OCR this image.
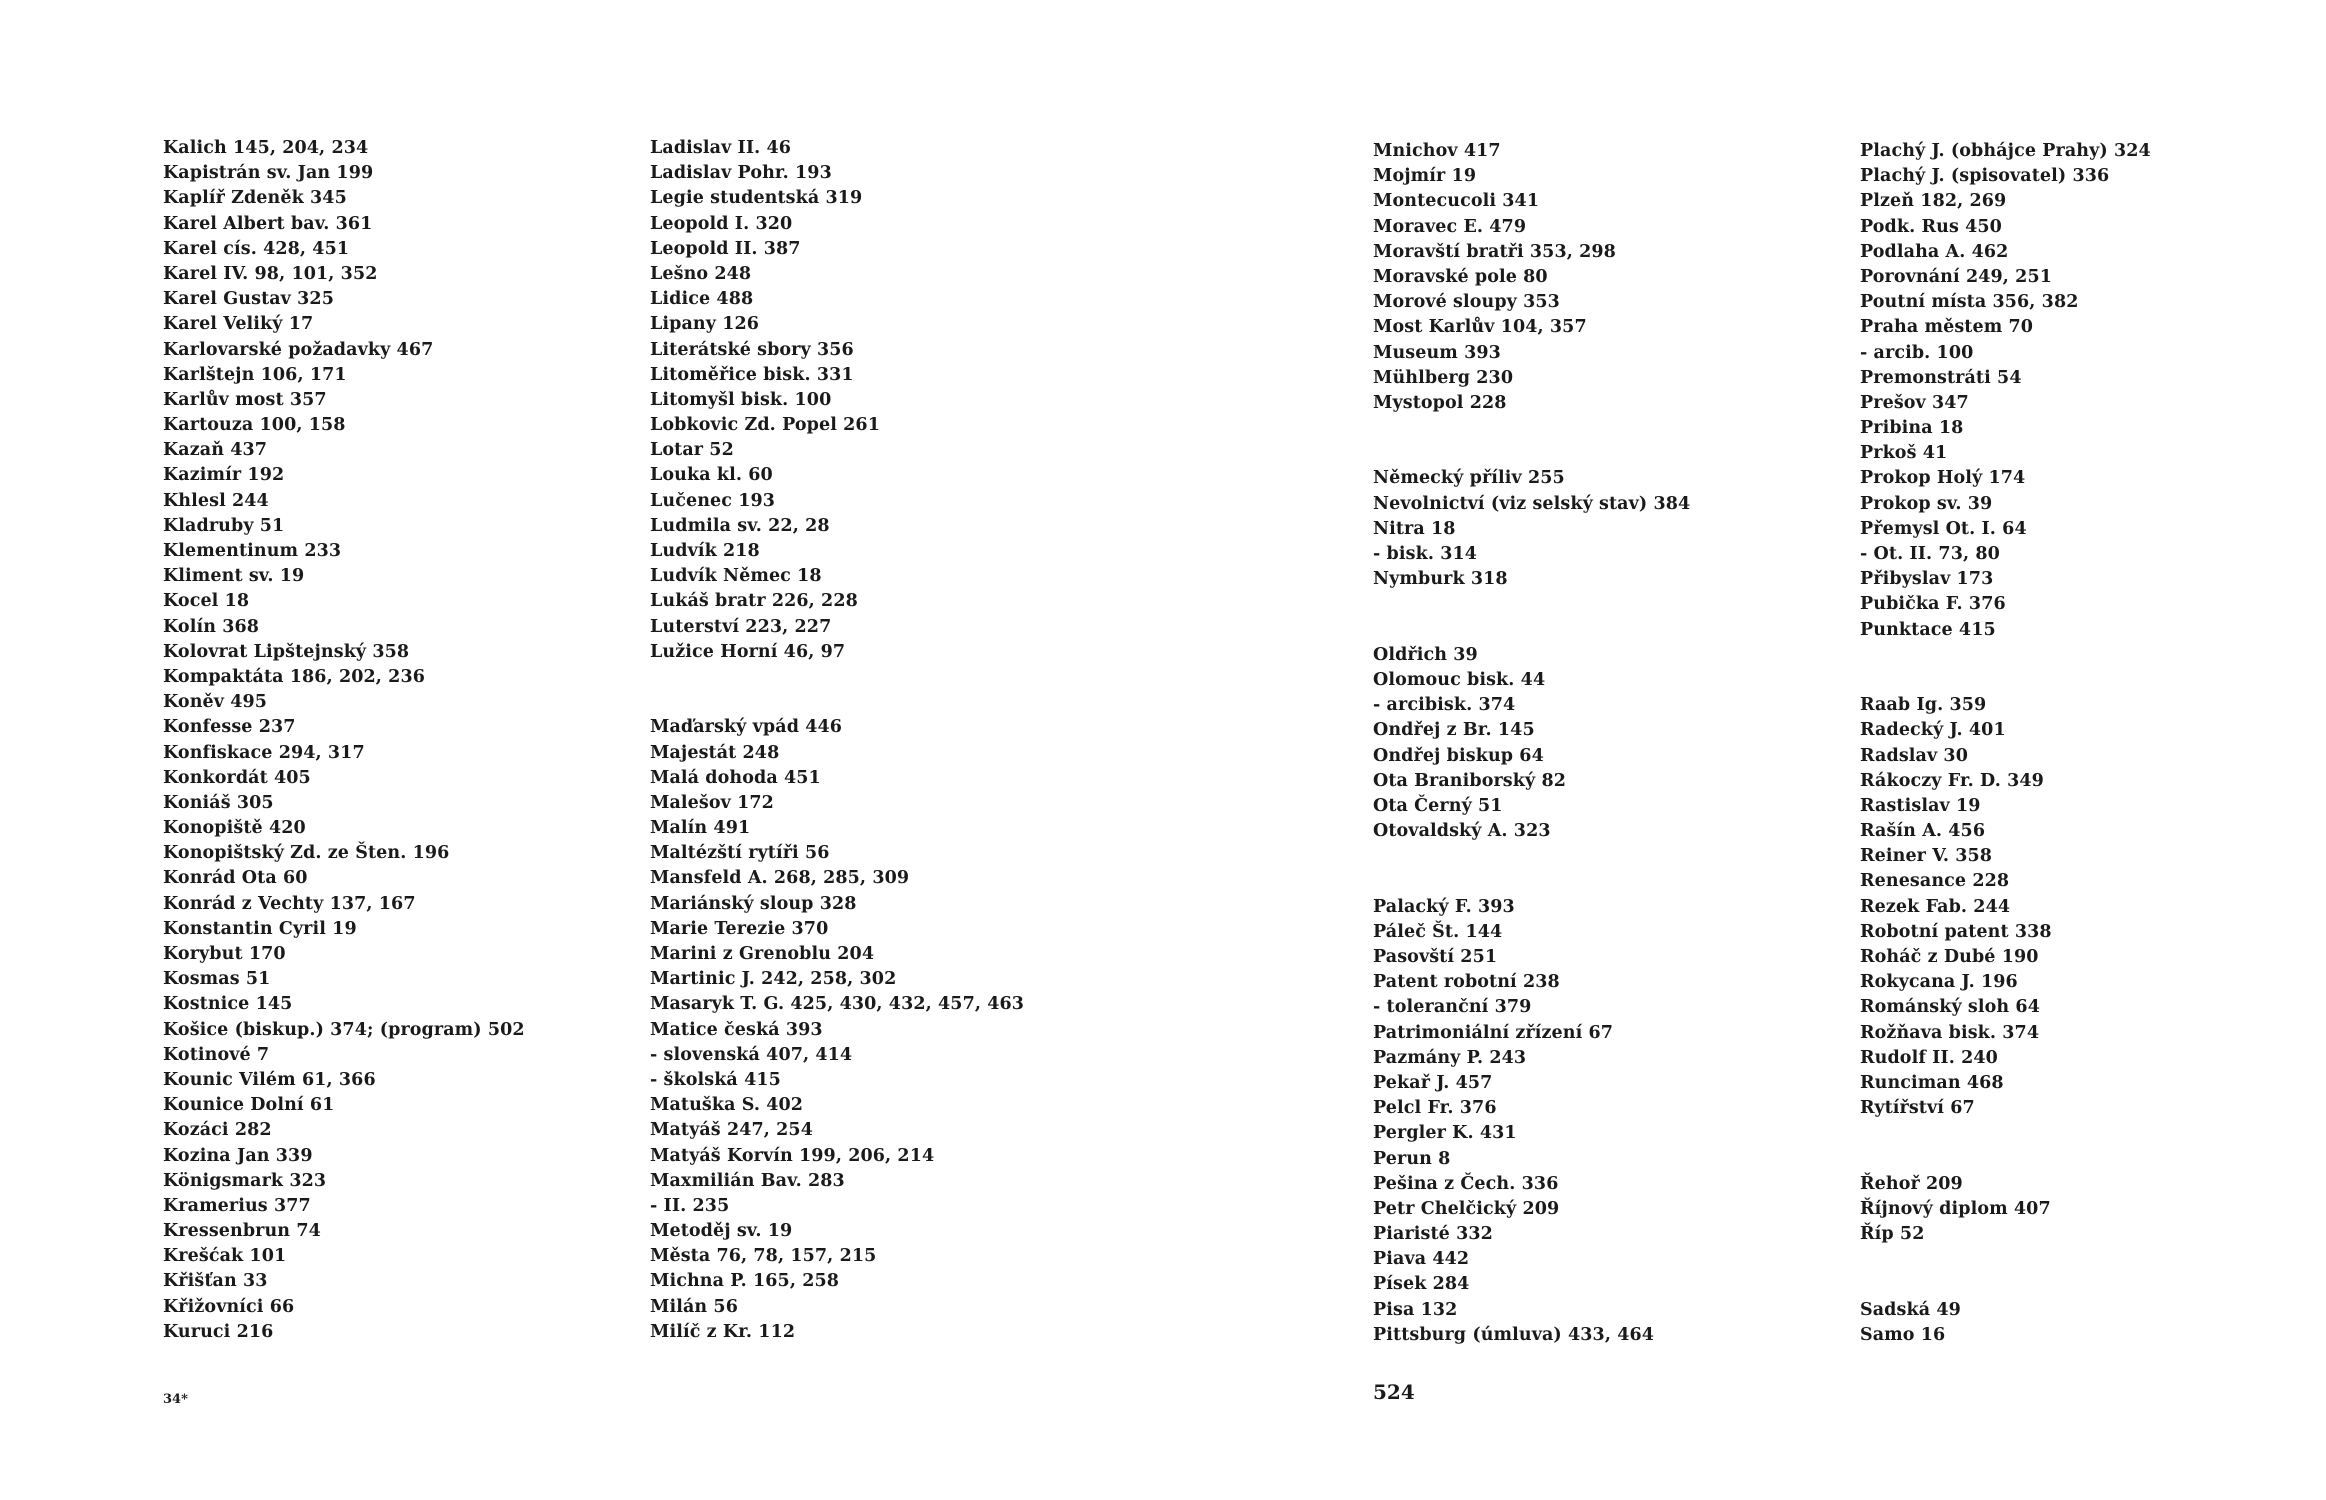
Kalich 145, 204, 234
Kapistrán sv. Jan 199
Kaplíř Zdeněk 345
Karel Albert bav. 361
Karel cís. 428, 451
Karel IV. 98, 101, 352
Karel Gustav 325
Karel Veliký 17
Karlovarské požadavky 467
Karlštejn 106, 171
Karlův most 357
Kartouza 100, 158
Kazaň 437
Kazimír 192
Khlesl 244
Kladruby 51
Klementinum 233
Kliment sv. 19
Kocel 18
Kolín 368
Kolovrat Lipštejnský 358
Kompaktáta 186, 202, 236
Koněv 495
Konfesse 237
Konfiskace 294, 317
Konkordát 405
Koniáš 305
Konopiště 420
Konopištský Zd. ze Šten. 196
Konrád Ota 60
Konrád z Vechty 137, 167
Konstantin Cyril 19
Korybut 170
Kosmas 51
Kostnice 145
Košice (biskup.) 374; (program) 502
Kotinové 7
Kounic Vilém 61, 366
Kounice Dolní 61
Kozáci 282
Kozina Jan 339
Königsmark 323
Kramerius 377
Kressenbrun 74
Krešćak 101
Křišťan 33
Křižovníci 66
Kuruci 216
Ladislav II. 46
Ladislav Pohr. 193
Legie studentská 319
Leopold I. 320
Leopold II. 387
Lešno 248
Lidice 488
Lipany 126
Literátské sbory 356
Litoměřice bisk. 331
Litomyšl bisk. 100
Lobkovic Zd. Popel 261
Lotar 52
Louka kl. 60
Lučenec 193
Ludmila sv. 22, 28
Ludvík 218
Ludvík Němec 18
Lukáš bratr 226, 228
Luterství 223, 227
Lužice Horní 46, 97
Maďarský vpád 446
Majestát 248
Malá dohoda 451
Malešov 172
Malín 491
Maltézští rytíři 56
Mansfeld A. 268, 285, 309
Mariánský sloup 328
Marie Terezie 370
Marini z Grenoblu 204
Martinic J. 242, 258, 302
Masaryk T. G. 425, 430, 432, 457, 463
Matice česká 393
- slovenská 407, 414
- školská 415
Matuška S. 402
Matyáš 247, 254
Matyáš Korvín 199, 206, 214
Maxmilián Bav. 283
- II. 235
Metoděj sv. 19
Města 76, 78, 157, 215
Michna P. 165, 258
Milán 56
Milíč z Kr. 112
Mnichov 417
Mojmír 19
Montecucoli 341
Moravec E. 479
Moravští bratři 353, 298
Moravské pole 80
Morové sloupy 353
Most Karlův 104, 357
Museum 393
Mühlberg 230
Mystopol 228
Německý příliv 255
Nevolnictví (viz selský stav) 384
Nitra 18
- bisk. 314
Nymburk 318
Oldřich 39
Olomouc bisk. 44
- arcibisk. 374
Ondřej z Br. 145
Ondřej biskup 64
Ota Braniborský 82
Ota Černý 51
Otovaldský A. 323
Palacký F. 393
Páleč Št. 144
Pasovští 251
Patent robotní 238
- toleranční 379
Patrimoniální zřízení 67
Pazmány P. 243
Pekař J. 457
Pelcl Fr. 376
Pergler K. 431
Perun 8
Pešina z Čech. 336
Petr Chelčický 209
Piaristé 332
Piava 442
Písek 284
Pisa 132
Pittsburg (úmluva) 433, 464
Plachý J. (obhájce Prahy) 324
Plachý J. (spisovatel) 336
Plzeň 182, 269
Podk. Rus 450
Podlaha A. 462
Porovnání 249, 251
Poutní místa 356, 382
Praha městem 70
- arcib. 100
Premonstráti 54
Prešov 347
Pribina 18
Prkoš 41
Prokop Holý 174
Prokop sv. 39
Přemysl Ot. I. 64
- Ot. II. 73, 80
Přibyslav 173
Pubička F. 376
Punktace 415
Raab Ig. 359
Radecký J. 401
Radslav 30
Rákoczy Fr. D. 349
Rastislav 19
Rašín A. 456
Reiner V. 358
Renesance 228
Rezek Fab. 244
Robotní patent 338
Roháč z Dubé 190
Rokycana J. 196
Románský sloh 64
Rožňava bisk. 374
Rudolf II. 240
Runciman 468
Rytířství 67
Řehoř 209
Říjnový diplom 407
Říp 52
Sadská 49
Samo 16
34*	524
